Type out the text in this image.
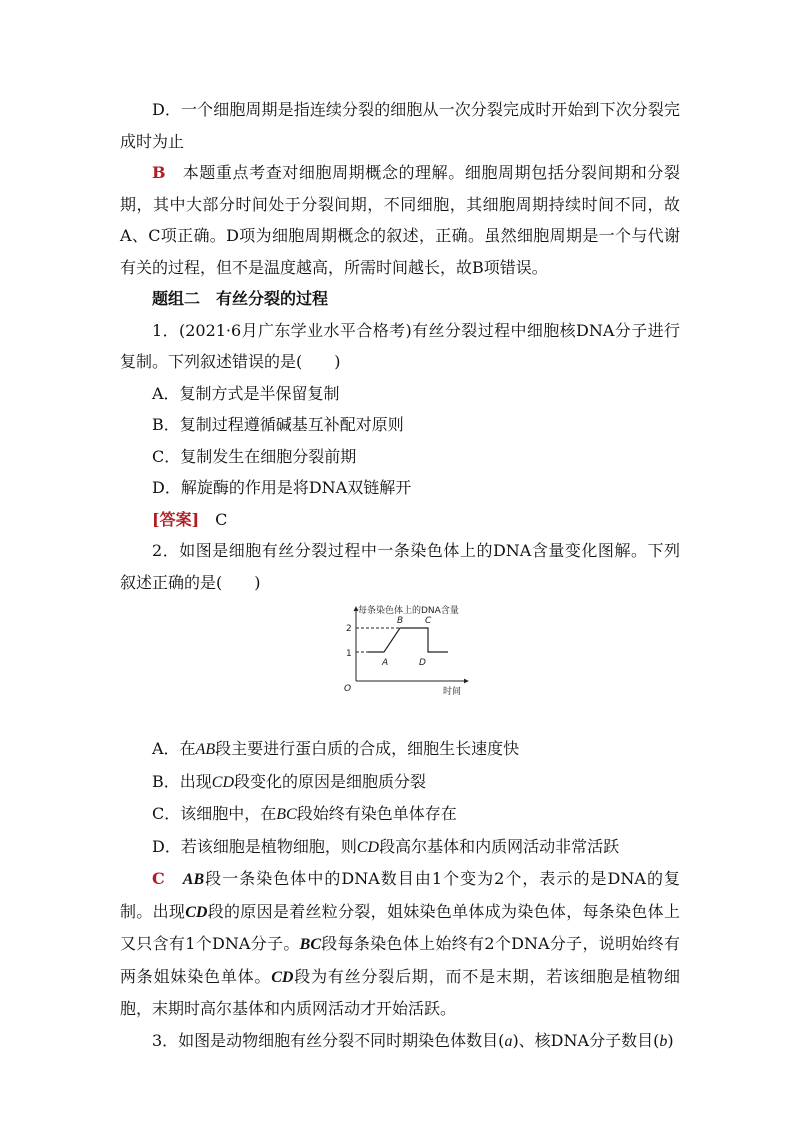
D．一个细胞周期是指连续分裂的细胞从一次分裂完成时开始到下次分裂完成时为止

B　 本题重点考查对细胞周期概念的理解。细胞周期包括分裂间期和分裂期，其中大部分时间处于分裂间期，不同细胞，其细胞周期持续时间不同，故A、C项正确。D项为细胞周期概念的叙述，正确。虽然细胞周期是一个与代谢有关的过程，但不是温度越高，所需时间越长，故B项错误。

题组二　有丝分裂的过程

1．(2021·6月广东学业水平合格考)有丝分裂过程中细胞核DNA分子进行复制。下列叙述错误的是(　　)

A．复制方式是半保留复制

B．复制过程遵循碱基互补配对原则

C．复制发生在细胞分裂前期

D．解旋酶的作用是将DNA双链解开

[答案]　 C

2．如图是细胞有丝分裂过程中一条染色体上的DNA含量变化图解。下列叙述正确的是(　　)

每条染色体上的DNA含量
时间
O
1
2
A
B C
D

A．在AB段主要进行蛋白质的合成，细胞生长速度快

B．出现CD段变化的原因是细胞质分裂

C．该细胞中，在BC段始终有染色单体存在

D．若该细胞是植物细胞，则CD段高尔基体和内质网活动非常活跃

C　 AB段一条染色体中的DNA数目由1个变为2个，表示的是DNA的复制。出现CD段的原因是着丝粒分裂，姐妹染色单体成为染色体，每条染色体上又只含有1个DNA分子。BC段每条染色体上始终有2个DNA分子，说明始终有两条姐妹染色单体。CD段为有丝分裂后期，而不是末期，若该细胞是植物细胞，末期时高尔基体和内质网活动才开始活跃。

3．如图是动物细胞有丝分裂不同时期染色体数目(a)、核DNA分子数目(b)
